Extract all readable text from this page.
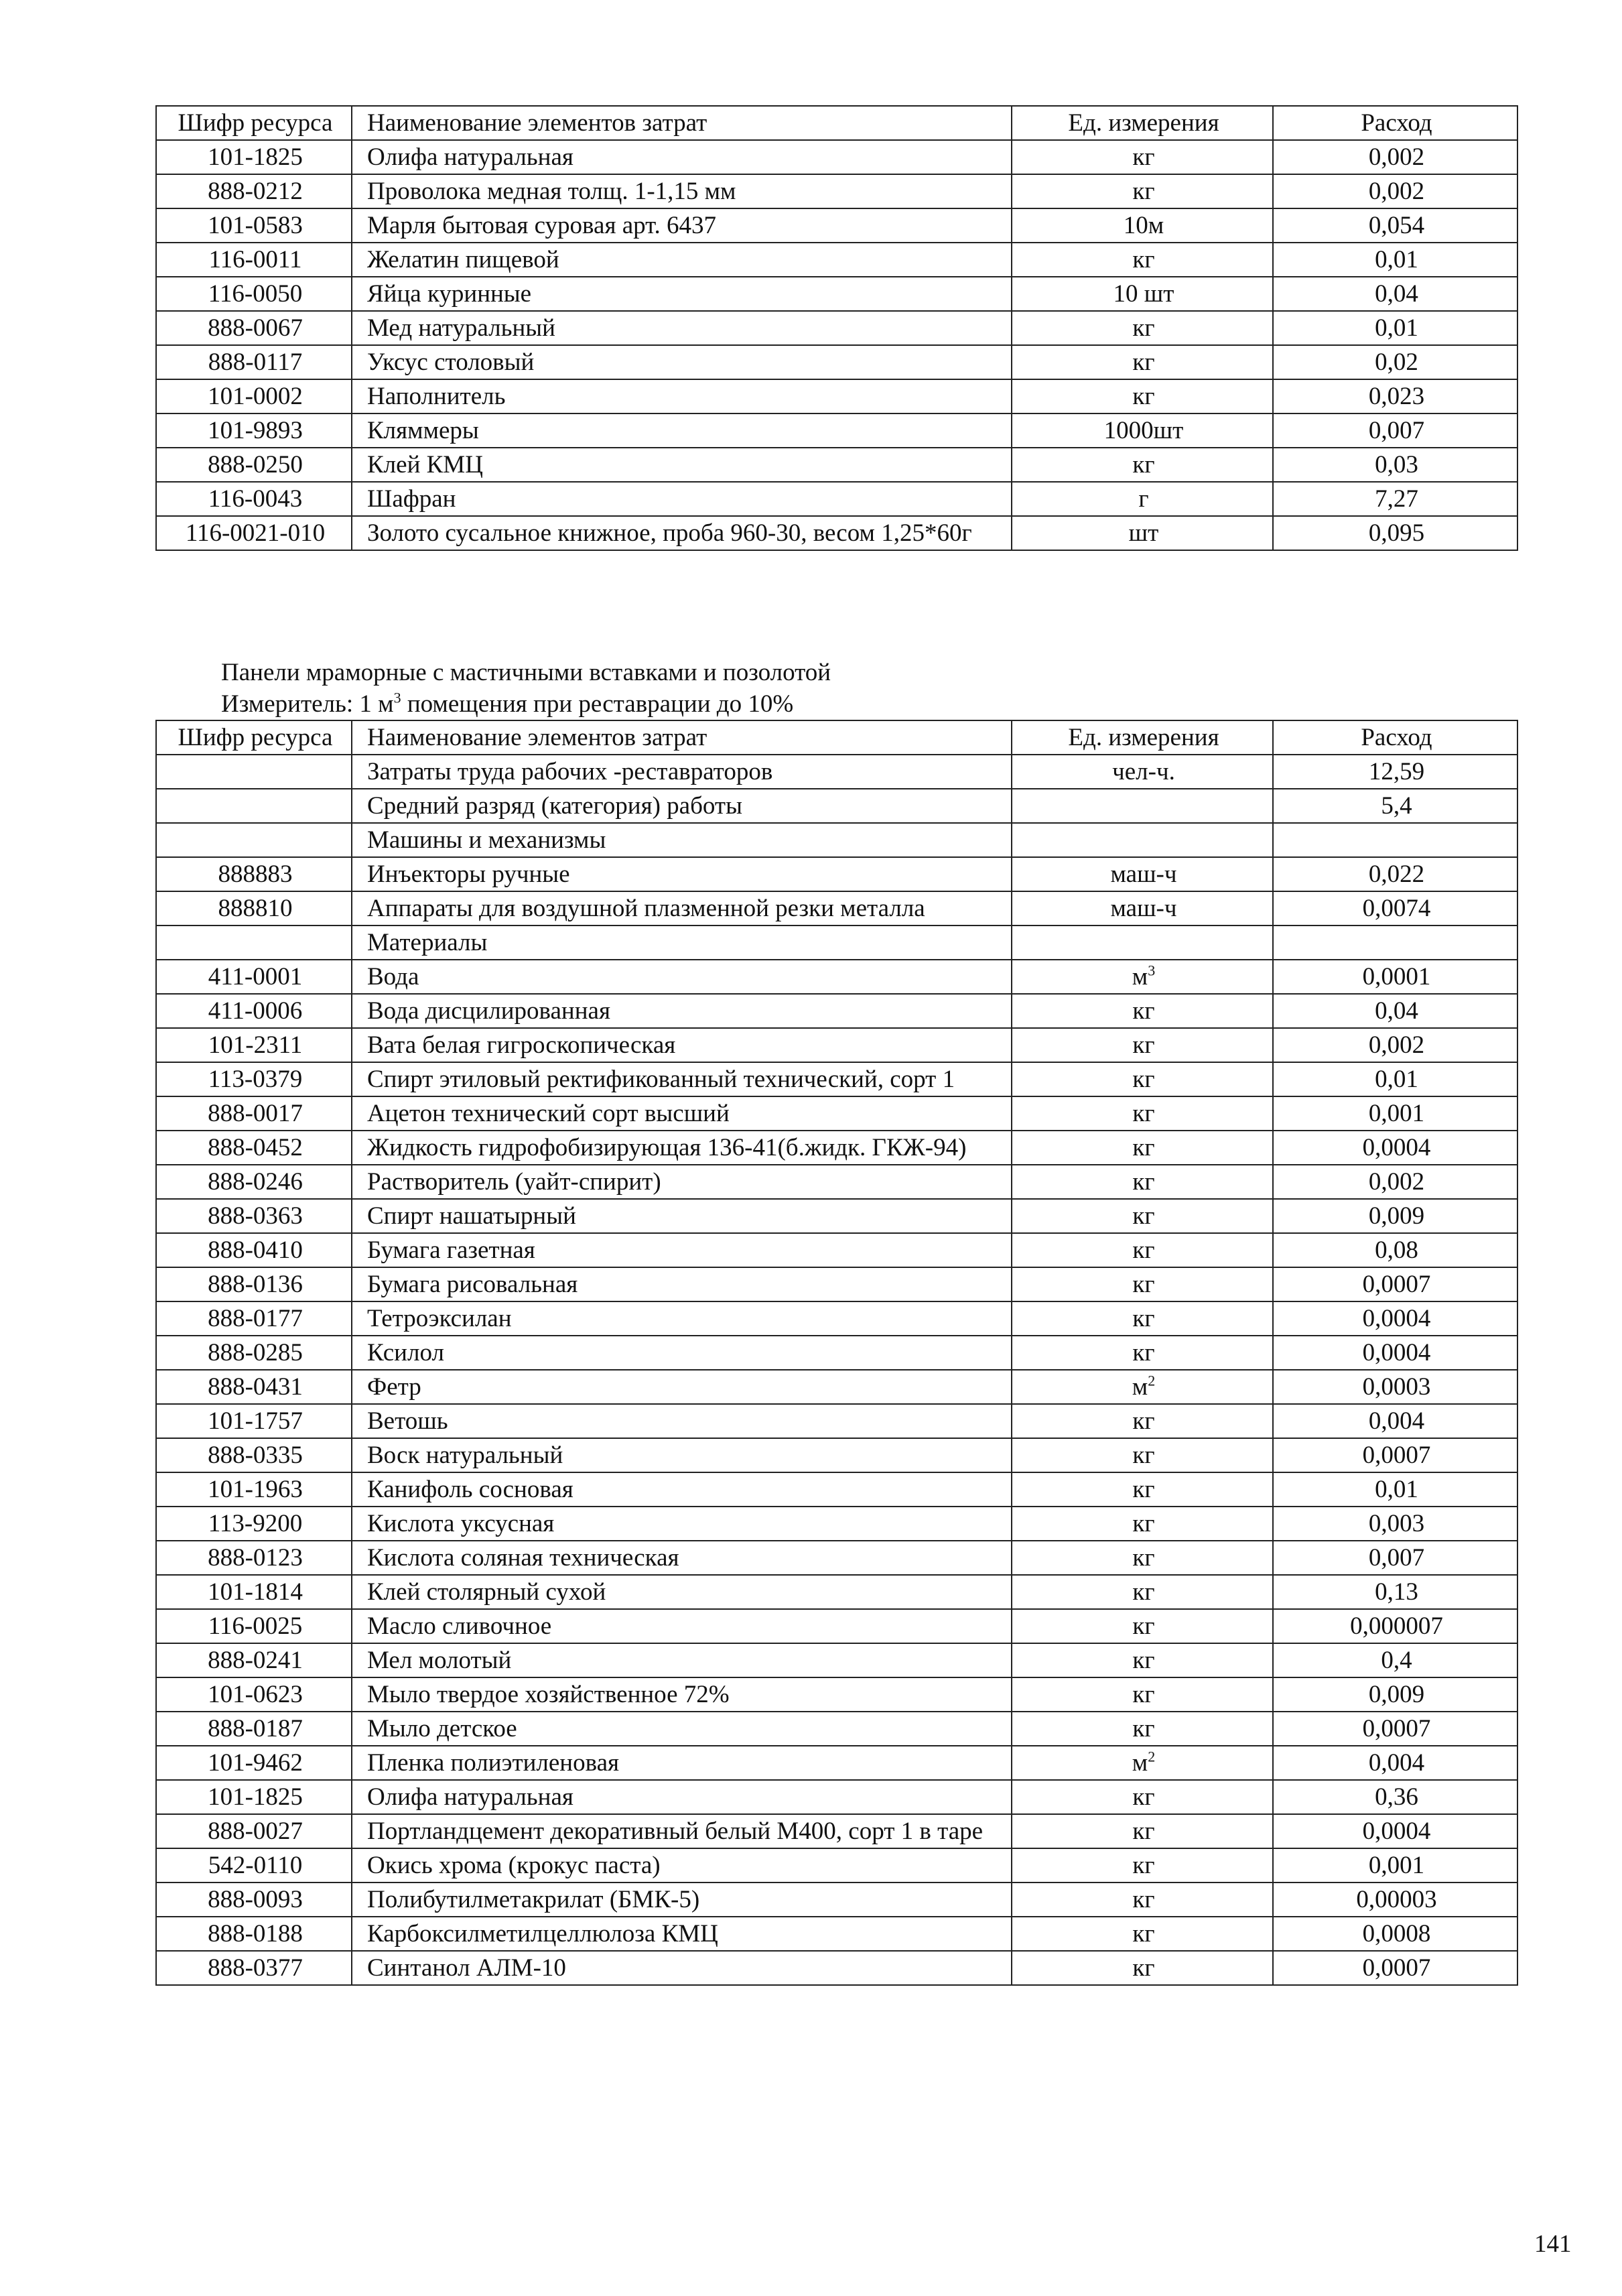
Шифр ресурса	Наименование элементов затрат	Ед. измерения	Расход
101-1825	Олифа натуральная	кг	0,002
888-0212	Проволока медная толщ. 1-1,15 мм	кг	0,002
101-0583	Марля бытовая суровая арт. 6437	10м	0,054
116-0011	Желатин пищевой	кг	0,01
116-0050	Яйца куринные	10 шт	0,04
888-0067	Мед натуральный	кг	0,01
888-0117	Уксус столовый	кг	0,02
101-0002	Наполнитель	кг	0,023
101-9893	Кляммеры	1000шт	0,007
888-0250	Клей КМЦ	кг	0,03
116-0043	Шафран	г	7,27
116-0021-010	Золото сусальное книжное, проба 960-30, весом 1,25*60г	шт	0,095
Панели мраморные с мастичными вставками и позолотой
Измеритель: 1 $м^3$ помещения при реставрации до 10%
Шифр ресурса	Наименование элементов затрат	Ед. измерения	Расход
	Затраты труда рабочих -реставраторов	чел-ч.	12,59
	Средний разряд (категория) работы		5,4
	Машины и механизмы		
888883	Инъекторы ручные	маш-ч	0,022
888810	Аппараты для воздушной плазменной резки металла	маш-ч	0,0074
	Материалы		
411-0001	Вода	$м^3$	0,0001
411-0006	Вода дисцилированная	кг	0,04
101-2311	Вата белая гигроскопическая	кг	0,002
113-0379	Спирт этиловый ректификованный технический, сорт 1	кг	0,01
888-0017	Ацетон технический сорт высший	кг	0,001
888-0452	Жидкость гидрофобизирующая 136-41(б.жидк. ГКЖ-94)	кг	0,0004
888-0246	Растворитель (уайт-спирит)	кг	0,002
888-0363	Спирт нашатырный	кг	0,009
888-0410	Бумага газетная	кг	0,08
888-0136	Бумага рисовальная	кг	0,0007
888-0177	Тетроэксилан	кг	0,0004
888-0285	Ксилол	кг	0,0004
888-0431	Фетр	$м^2$	0,0003
101-1757	Ветошь	кг	0,004
888-0335	Воск натуральный	кг	0,0007
101-1963	Канифоль сосновая	кг	0,01
113-9200	Кислота уксусная	кг	0,003
888-0123	Кислота соляная техническая	кг	0,007
101-1814	Клей столярный сухой	кг	0,13
116-0025	Масло сливочное	кг	0,000007
888-0241	Мел молотый	кг	0,4
101-0623	Мыло твердое хозяйственное 72%	кг	0,009
888-0187	Мыло детское	кг	0,0007
101-9462	Пленка полиэтиленовая	$м^2$	0,004
101-1825	Олифа натуральная	кг	0,36
888-0027	Портландцемент декоративный белый М400, сорт 1 в таре	кг	0,0004
542-0110	Окись хрома (крокус паста)	кг	0,001
888-0093	Полибутилметакрилат (БМК-5)	кг	0,00003
888-0188	Карбоксилметилцеллюлоза КМЦ	кг	0,0008
888-0377	Синтанол АЛМ-10	кг	0,0007
141
